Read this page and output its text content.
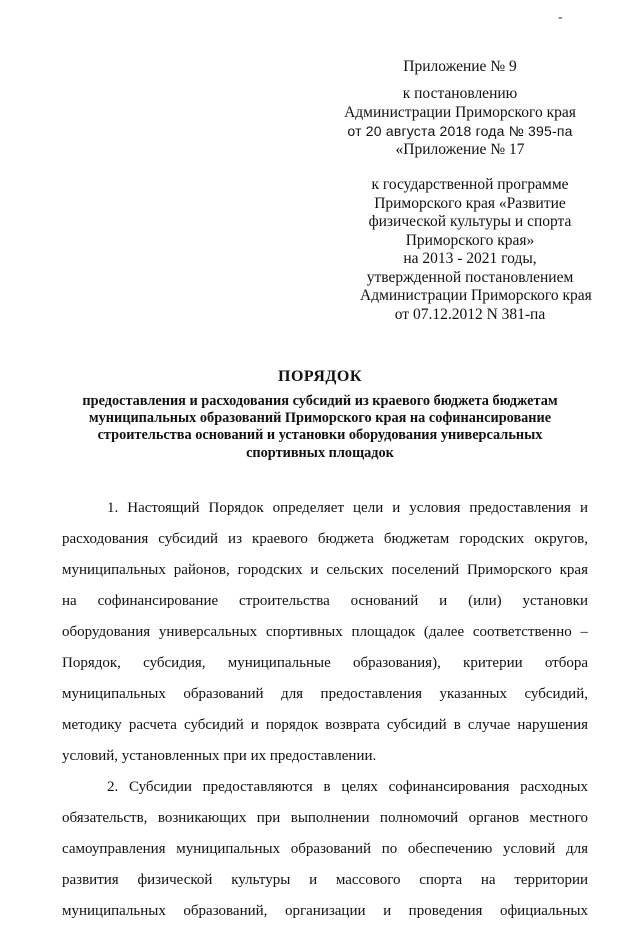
-
Приложение № 9
к постановлению
Администрации Приморского края
от 20 августа 2018 года № 395-па
«Приложение № 17
к государственной программе
Приморского края «Развитие
физической культуры и спорта
Приморского края»
на 2013 - 2021 годы,
утвержденной постановлением
Администрации Приморского края
от 07.12.2012 N 381-па
ПОРЯДОК
предоставления и расходования субсидий из краевого бюджета бюджетам
муниципальных образований Приморского края на софинансирование
строительства оснований и установки оборудования универсальных
спортивных площадок
1. Настоящий Порядок определяет цели и условия предоставления и
расходования субсидий из краевого бюджета бюджетам городских округов,
муниципальных районов, городских и сельских поселений Приморского края
на софинансирование строительства оснований и (или) установки
оборудования универсальных спортивных площадок (далее соответственно –
Порядок, субсидия, муниципальные образования), критерии отбора
муниципальных образований для предоставления указанных субсидий,
методику расчета субсидий и порядок возврата субсидий в случае нарушения
условий, установленных при их предоставлении.
2. Субсидии предоставляются в целях софинансирования расходных
обязательств, возникающих при выполнении полномочий органов местного
самоуправления муниципальных образований по обеспечению условий для
развития физической культуры и массового спорта на территории
муниципальных образований, организации и проведения официальных
